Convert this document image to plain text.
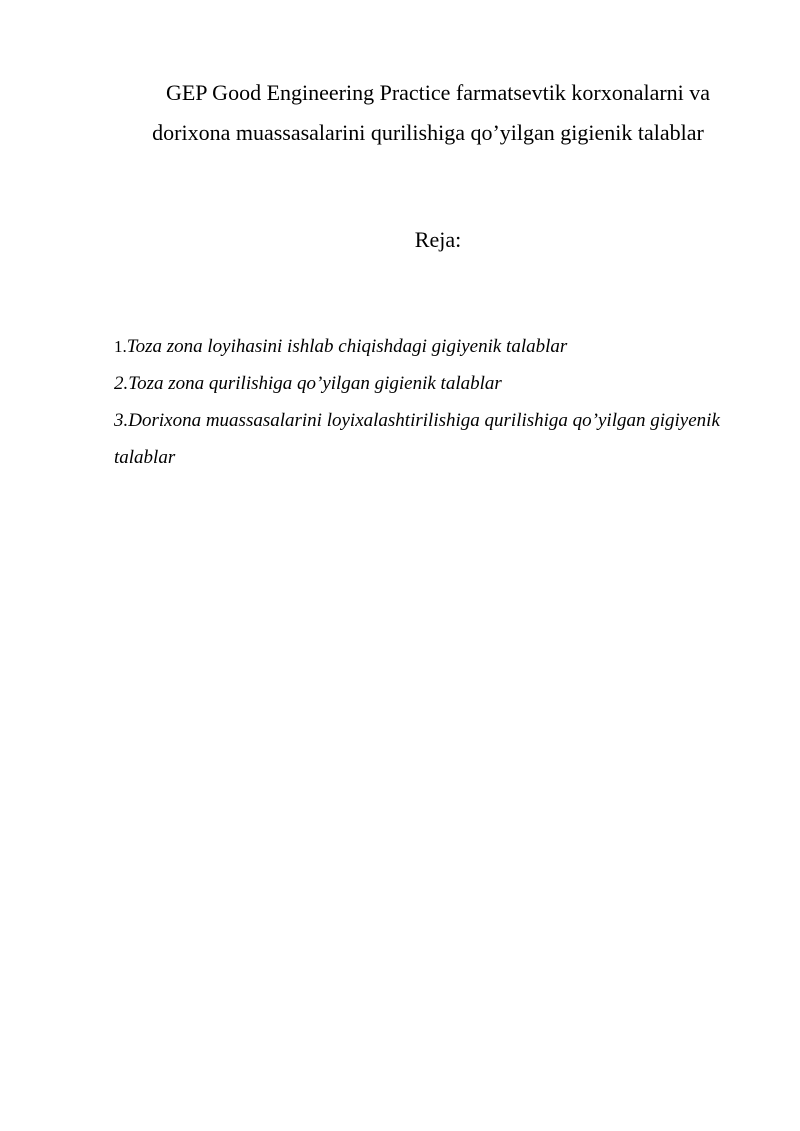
GEP Good Engineering Practice farmatsevtik korxonalarni va

dorixona muassasalarini qurilishiga qo’yilgan gigienik talablar

Reja:

1.Toza zona loyihasini ishlab chiqishdagi gigiyenik talablar
2.Toza zona qurilishiga qo’yilgan gigienik talablar
3.Dorixona muassasalarini loyixalashtirilishiga qurilishiga qo’yilgan gigiyenik talablar
